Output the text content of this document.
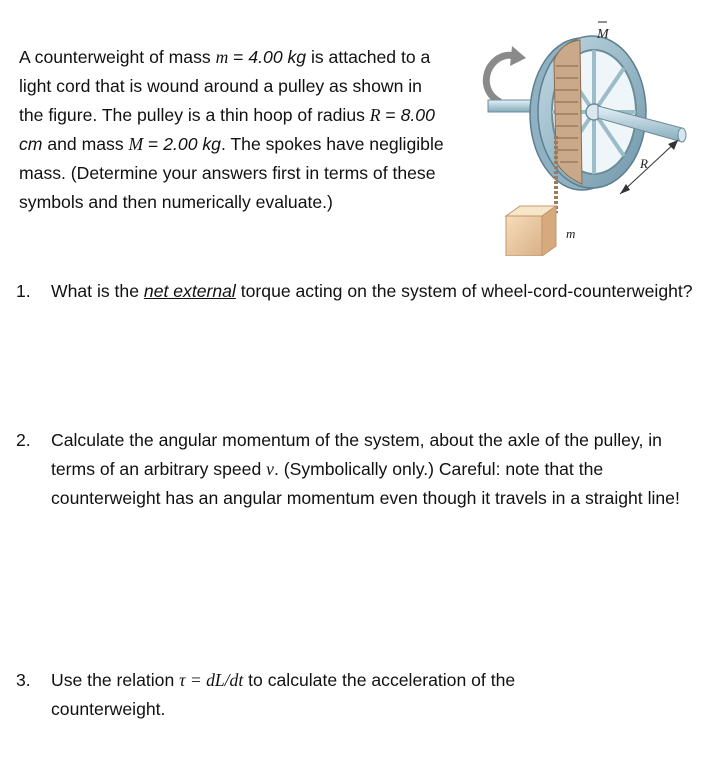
A counterweight of mass m = 4.00 kg is attached to a light cord that is wound around a pulley as shown in the figure. The pulley is a thin hoop of radius R = 8.00 cm and mass M = 2.00 kg. The spokes have negligible mass. (Determine your answers first in terms of these symbols and then numerically evaluate.)

M
R
m
1.	What is the net external torque acting on the system of wheel-cord-counterweight?
2.	Calculate the angular momentum of the system, about the axle of the pulley, in terms of an arbitrary speed v. (Symbolically only.) Careful: note that the counterweight has an angular momentum even though it travels in a straight line!
3.	Use the relation τ = dL/dt to calculate the acceleration of the counterweight.
